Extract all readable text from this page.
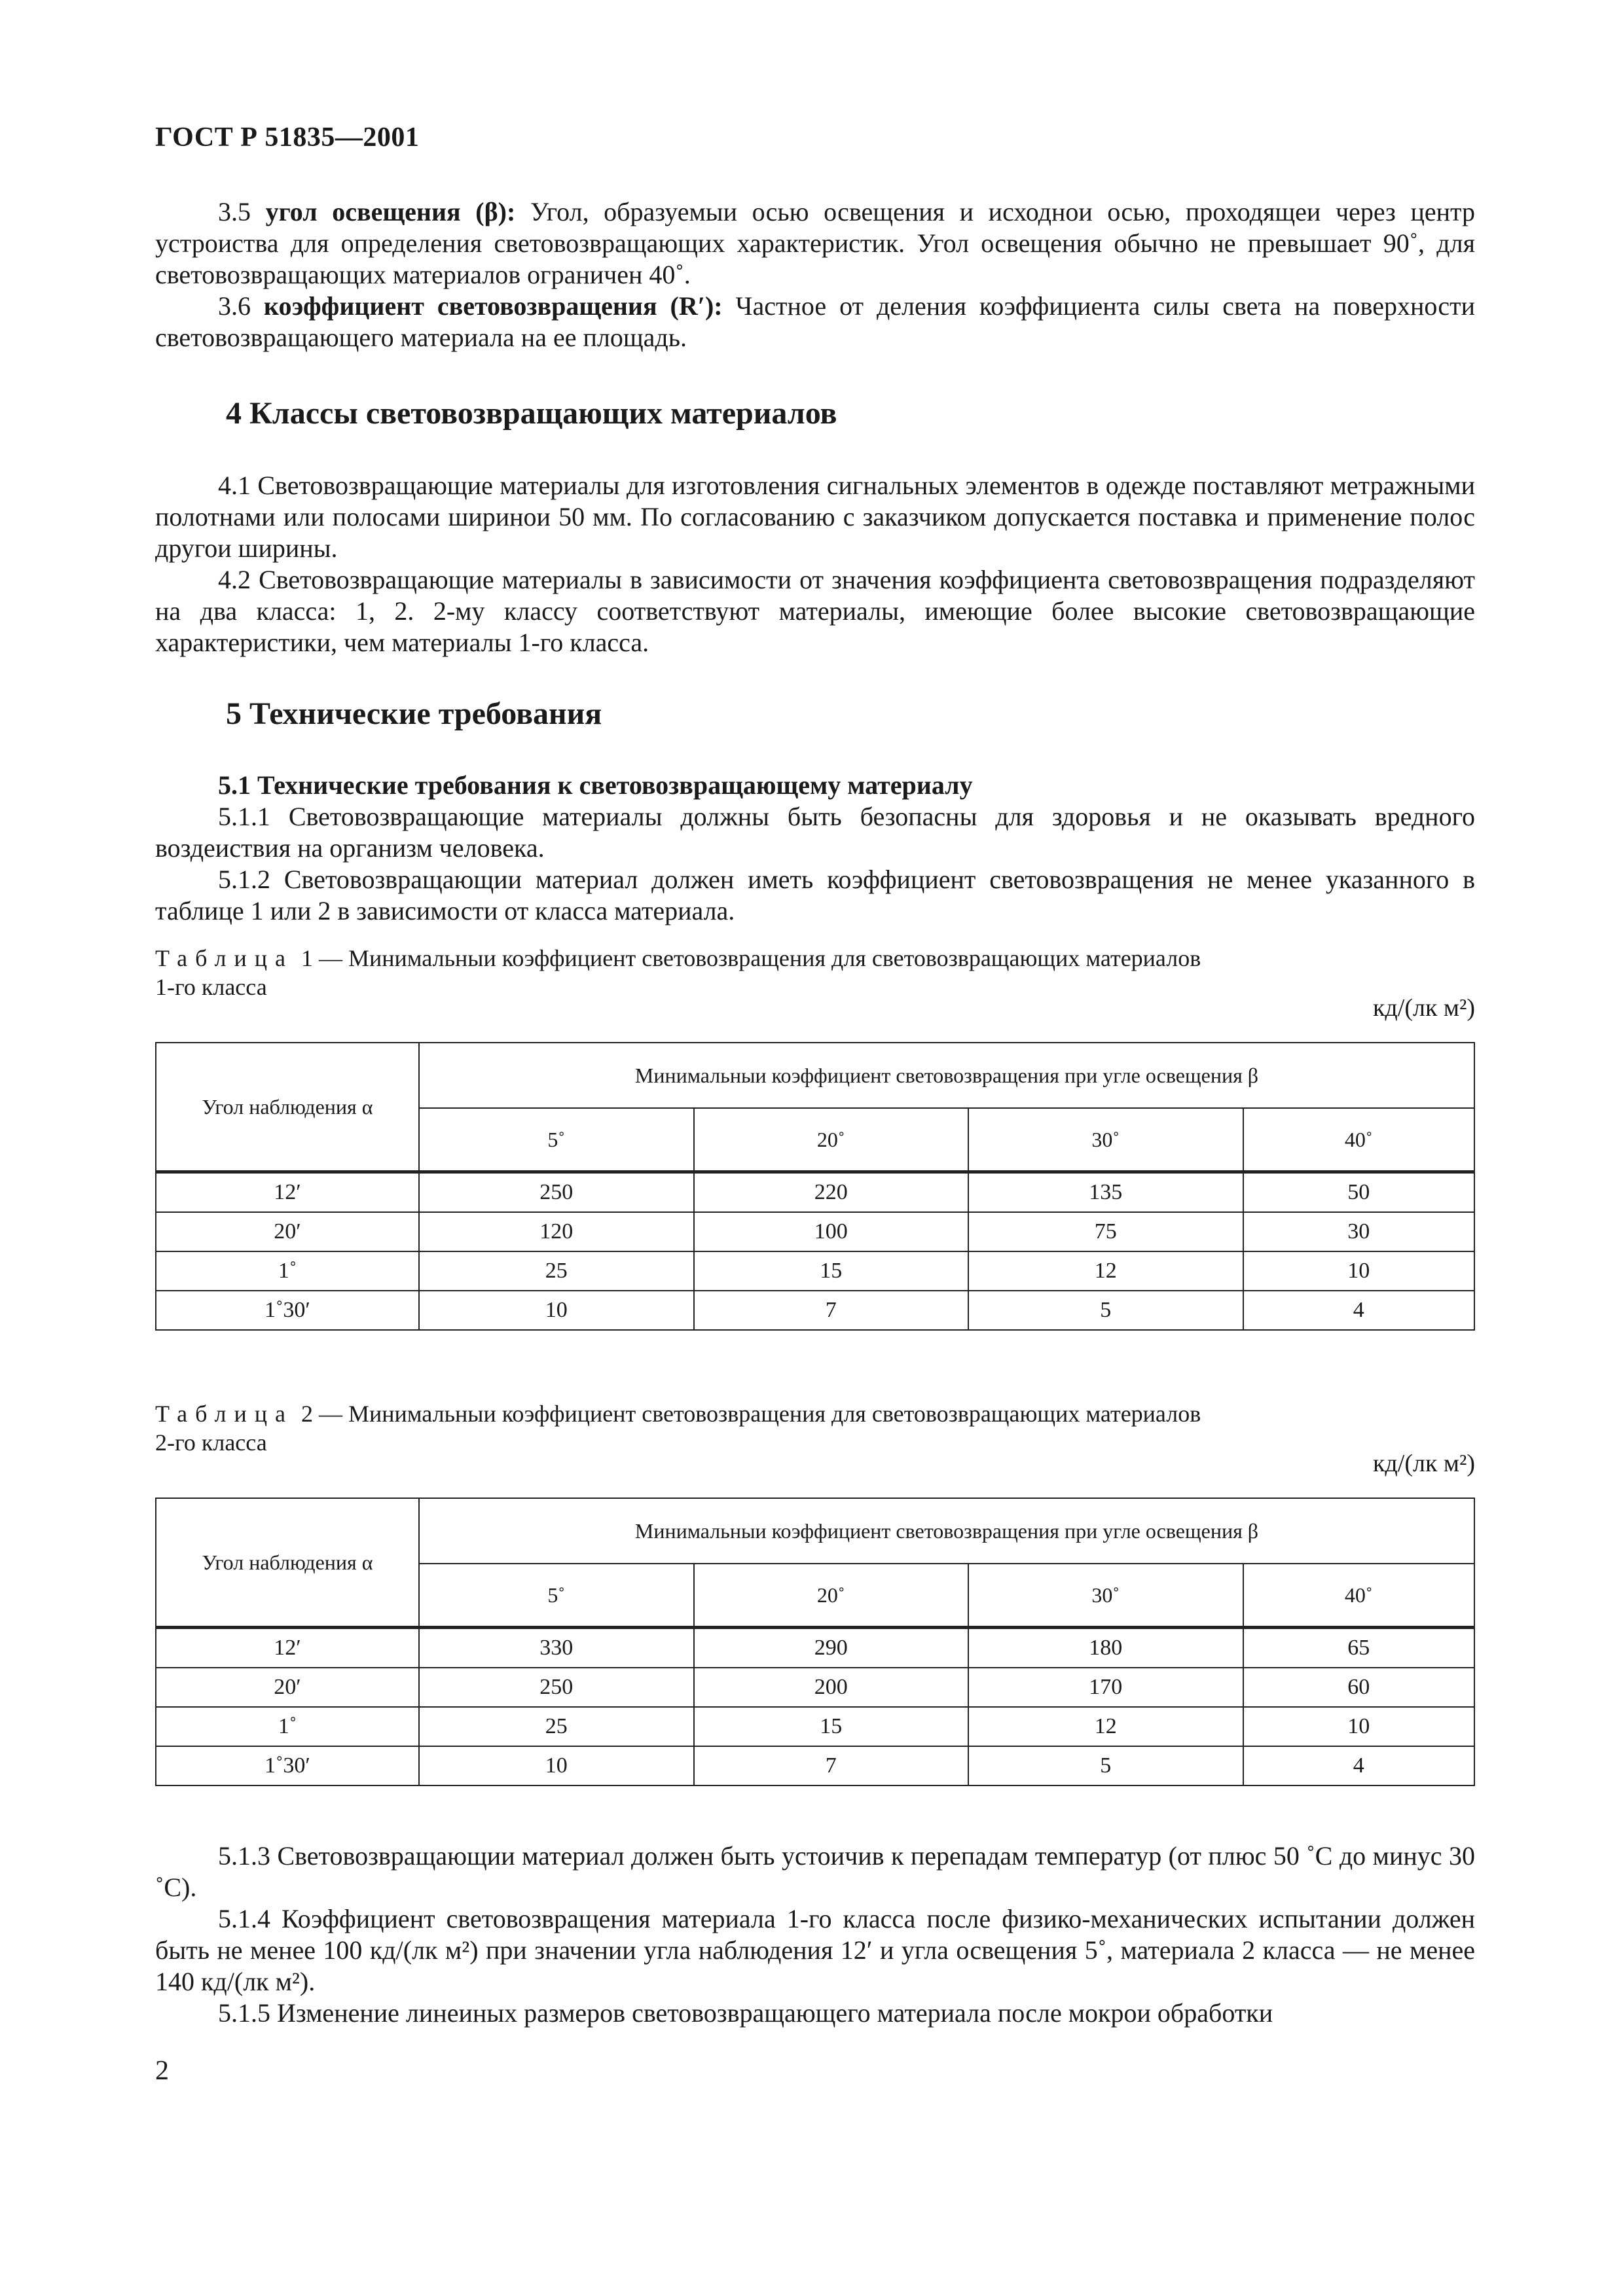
ГОСТ Р 51835—2001

3.5 угол освещения (β): Угол, образуемыи осью освещения и исходнои осью, проходящеи через центр устроиства для определения световозвращающих характеристик. Угол освещения обычно не превышает 90˚, для световозвращающих материалов ограничен 40˚.

3.6 коэффициент световозвращения (R′): Частное от деления коэффициента силы света на поверхности световозвращающего материала на ее площадь.

4 Классы световозвращающих материалов

4.1 Световозвращающие материалы для изготовления сигнальных элементов в одежде поставляют метражными полотнами или полосами ширинои 50 мм. По согласованию с заказчиком допускается поставка и применение полос другои ширины.

4.2 Световозвращающие материалы в зависимости от значения коэффициента световозвращения подразделяют на два класса: 1, 2. 2-му классу соответствуют материалы, имеющие более высокие световозвращающие характеристики, чем материалы 1-го класса.

5 Технические требования

5.1 Технические требования к световозвращающему материалу

5.1.1 Световозвращающие материалы должны быть безопасны для здоровья и не оказывать вредного воздеиствия на организм человека.

5.1.2 Световозвращающии материал должен иметь коэффициент световозвращения не менее указанного в таблице 1 или 2 в зависимости от класса материала.

Таблица 1 — Минимальныи коэффициент световозвращения для световозвращающих материалов
1-го класса
кд/(лк м²)
Угол наблюдения α	Минимальныи коэффициент световозвращения при угле освещения β			
	5˚	20˚	30˚	40˚
12′	250	220	135	50
20′	120	100	75	30
1˚	25	15	12	10
1˚30′	10	7	5	4
Таблица 2 — Минимальныи коэффициент световозвращения для световозвращающих материалов
2-го класса
кд/(лк м²)
Угол наблюдения α	Минимальныи коэффициент световозвращения при угле освещения β			
	5˚	20˚	30˚	40˚
12′	330	290	180	65
20′	250	200	170	60
1˚	25	15	12	10
1˚30′	10	7	5	4

5.1.3 Световозвращающии материал должен быть устоичив к перепадам температур (от плюс 50 ˚С до минус 30 ˚С).

5.1.4 Коэффициент световозвращения материала 1-го класса после физико-механических испытании должен быть не менее 100 кд/(лк м²) при значении угла наблюдения 12′ и угла освещения 5˚, материала 2 класса — не менее 140 кд/(лк м²).

5.1.5 Изменение линеиных размеров световозвращающего материала после мокрои обработки

2
